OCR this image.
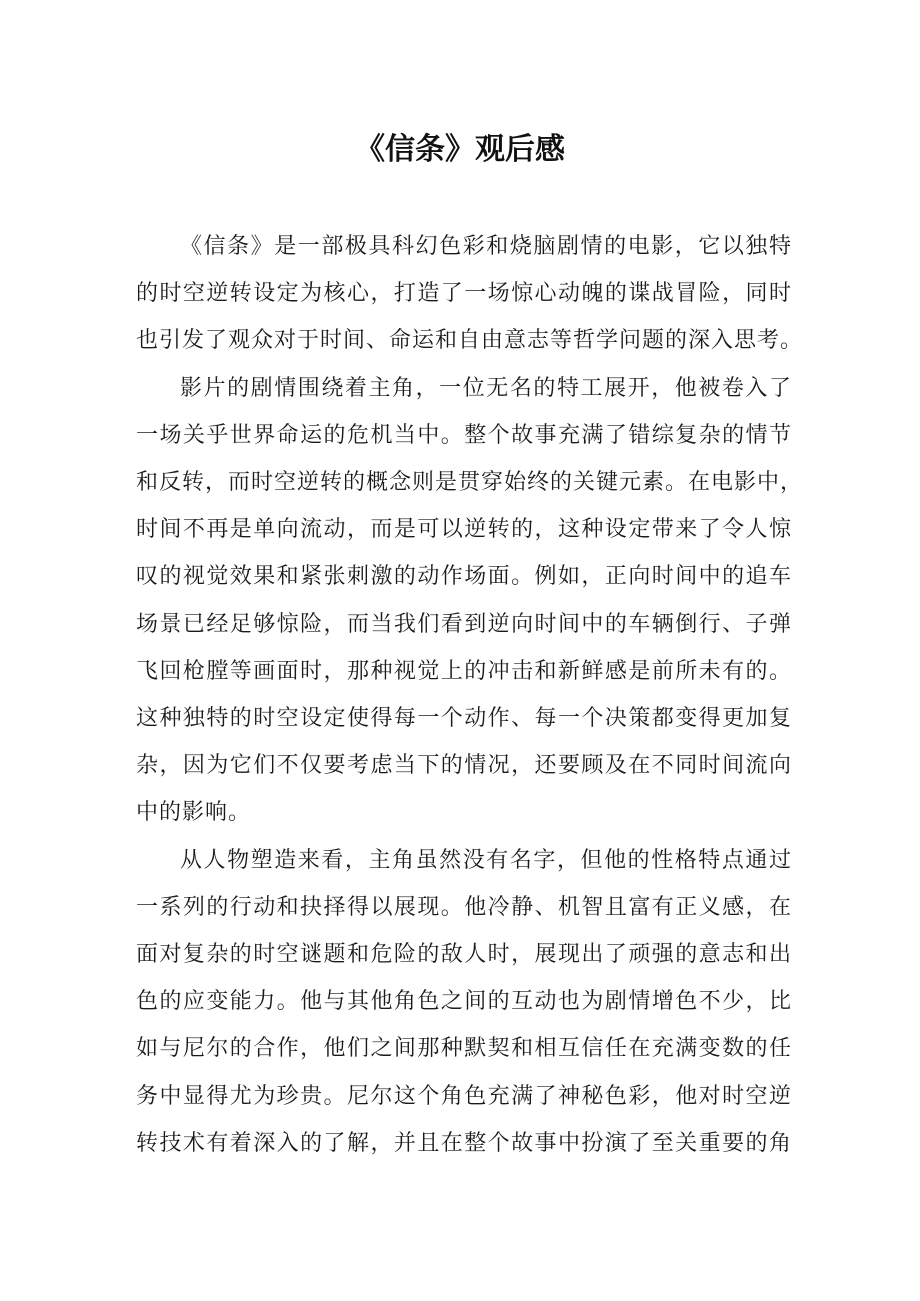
《信条》观后感

《信条》是一部极具科幻色彩和烧脑剧情的电影，它以独特
的时空逆转设定为核心，打造了一场惊心动魄的谍战冒险，同时
也引发了观众对于时间、命运和自由意志等哲学问题的深入思考。

影片的剧情围绕着主角，一位无名的特工展开，他被卷入了
一场关乎世界命运的危机当中。整个故事充满了错综复杂的情节
和反转，而时空逆转的概念则是贯穿始终的关键元素。在电影中，
时间不再是单向流动，而是可以逆转的，这种设定带来了令人惊
叹的视觉效果和紧张刺激的动作场面。例如，正向时间中的追车
场景已经足够惊险，而当我们看到逆向时间中的车辆倒行、子弹
飞回枪膛等画面时，那种视觉上的冲击和新鲜感是前所未有的。
这种独特的时空设定使得每一个动作、每一个决策都变得更加复
杂，因为它们不仅要考虑当下的情况，还要顾及在不同时间流向
中的影响。

从人物塑造来看，主角虽然没有名字，但他的性格特点通过
一系列的行动和抉择得以展现。他冷静、机智且富有正义感，在
面对复杂的时空谜题和危险的敌人时，展现出了顽强的意志和出
色的应变能力。他与其他角色之间的互动也为剧情增色不少，比
如与尼尔的合作，他们之间那种默契和相互信任在充满变数的任
务中显得尤为珍贵。尼尔这个角色充满了神秘色彩，他对时空逆
转技术有着深入的了解，并且在整个故事中扮演了至关重要的角
